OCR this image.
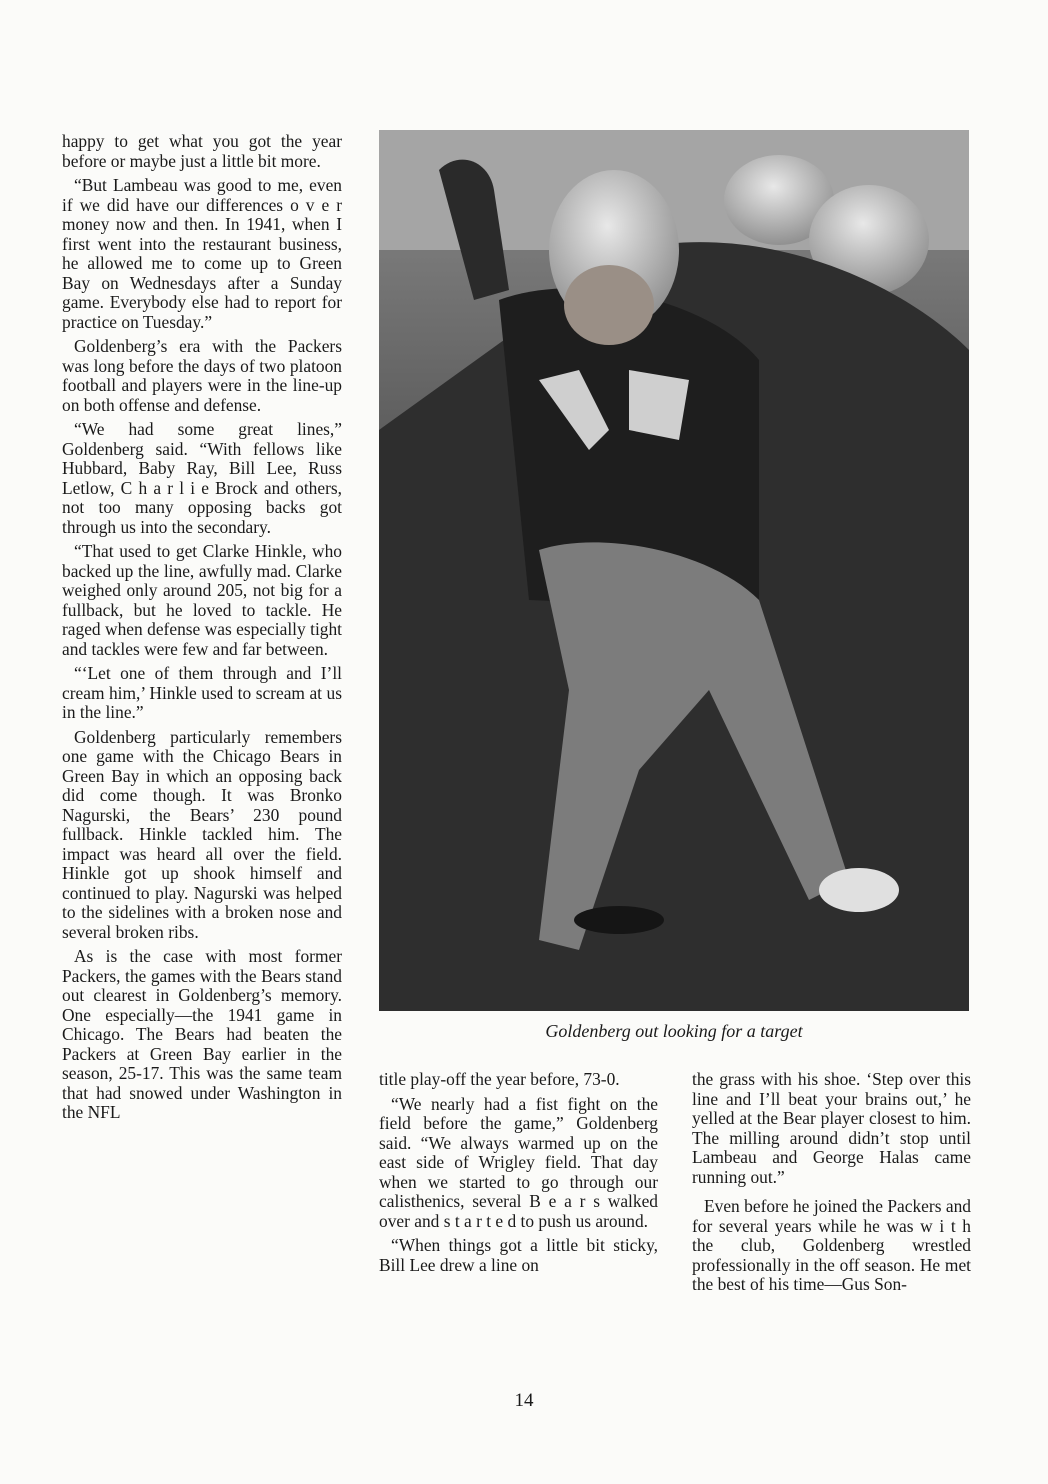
happy to get what you got the year before or maybe just a little bit more.

“But Lambeau was good to me, even if we did have our differences o v e r money now and then. In 1941, when I first went into the restaurant business, he allowed me to come up to Green Bay on Wednesdays after a Sunday game. Everybody else had to report for practice on Tuesday.”

Goldenberg’s era with the Packers was long before the days of two platoon football and players were in the line-up on both offense and defense.

“We had some great lines,” Goldenberg said. “With fellows like Hubbard, Baby Ray, Bill Lee, Russ Letlow, C h a r l i e Brock and others, not too many opposing backs got through us into the secondary.

“That used to get Clarke Hinkle, who backed up the line, awfully mad. Clarke weighed only around 205, not big for a fullback, but he loved to tackle. He raged when defense was especially tight and tackles were few and far between.

“‘Let one of them through and I’ll cream him,’ Hinkle used to scream at us in the line.”

Goldenberg particularly remembers one game with the Chicago Bears in Green Bay in which an opposing back did come though. It was Bronko Nagurski, the Bears’ 230 pound fullback. Hinkle tackled him. The impact was heard all over the field. Hinkle got up shook himself and continued to play. Nagurski was helped to the sidelines with a broken nose and several broken ribs.

As is the case with most former Packers, the games with the Bears stand out clearest in Goldenberg’s memory. One especially—the 1941 game in Chicago. The Bears had beaten the Packers at Green Bay earlier in the season, 25-17. This was the same team that had snowed under Washington in the NFL

Goldenberg out looking for a target

title play-off the year before, 73-0.

“We nearly had a fist fight on the field before the game,” Goldenberg said. “We always warmed up on the east side of Wrigley field. That day when we started to go through our calisthenics, several B e a r s walked over and s t a r t e d to push us around.

“When things got a little bit sticky, Bill Lee drew a line on

the grass with his shoe. ‘Step over this line and I’ll beat your brains out,’ he yelled at the Bear player closest to him. The milling around didn’t stop until Lambeau and George Halas came running out.”

Even before he joined the Packers and for several years while he was w i t h the club, Goldenberg wrestled professionally in the off season. He met the best of his time—Gus Son-

14
